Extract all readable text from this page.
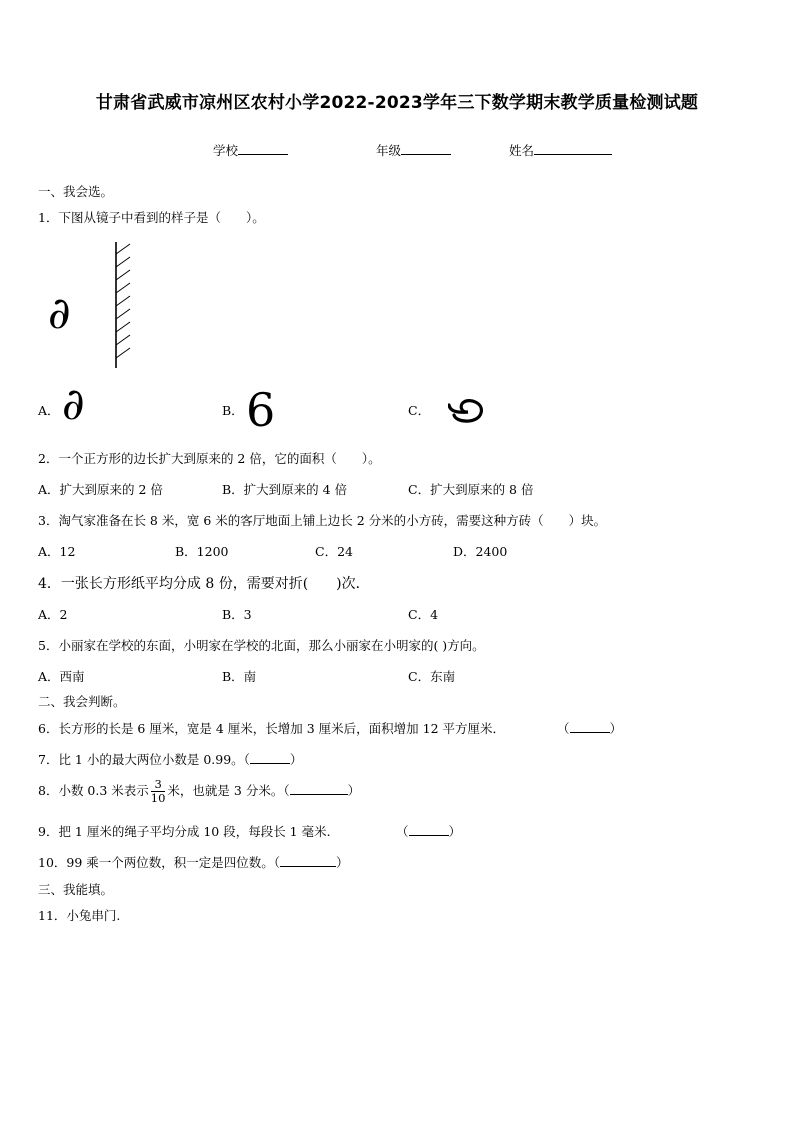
甘肃省武威市凉州区农村小学2022-2023学年三下数学期末教学质量检测试题
学校	年级	姓名
一、我会选。
1．下图从镜子中看到的样子是（　　）。
∂
A． ∂	B． 6	C．
2．一个正方形的边长扩大到原来的 2 倍，它的面积（　　）。
A．扩大到原来的 2 倍	B．扩大到原来的 4 倍	C．扩大到原来的 8 倍
3．淘气家准备在长 8 米，宽 6 米的客厅地面上铺上边长 2 分米的小方砖，需要这种方砖（　　）块。
A．12	B．1200	C．24	D．2400
4．一张长方形纸平均分成 8 份，需要对折(　　)次．
A．2	B．3	C．4
5．小丽家在学校的东面，小明家在学校的北面，那么小丽家在小明家的( )方向。
A．西南	B．南	C．东南
二、我会判断。
6．长方形的长是 6 厘米，宽是 4 厘米，长增加 3 厘米后，面积增加 12 平方厘米．	（	）
7．比 1 小的最大两位小数是 0.99。（	）
8．小数 0.3 米表示 $\frac{3}{10}$ 米，也就是 3 分米。（	）
9．把 1 厘米的绳子平均分成 10 段，每段长 1 毫米.	（	）
10．99 乘一个两位数，积一定是四位数。（	）
三、我能填。
11．小兔串门.
